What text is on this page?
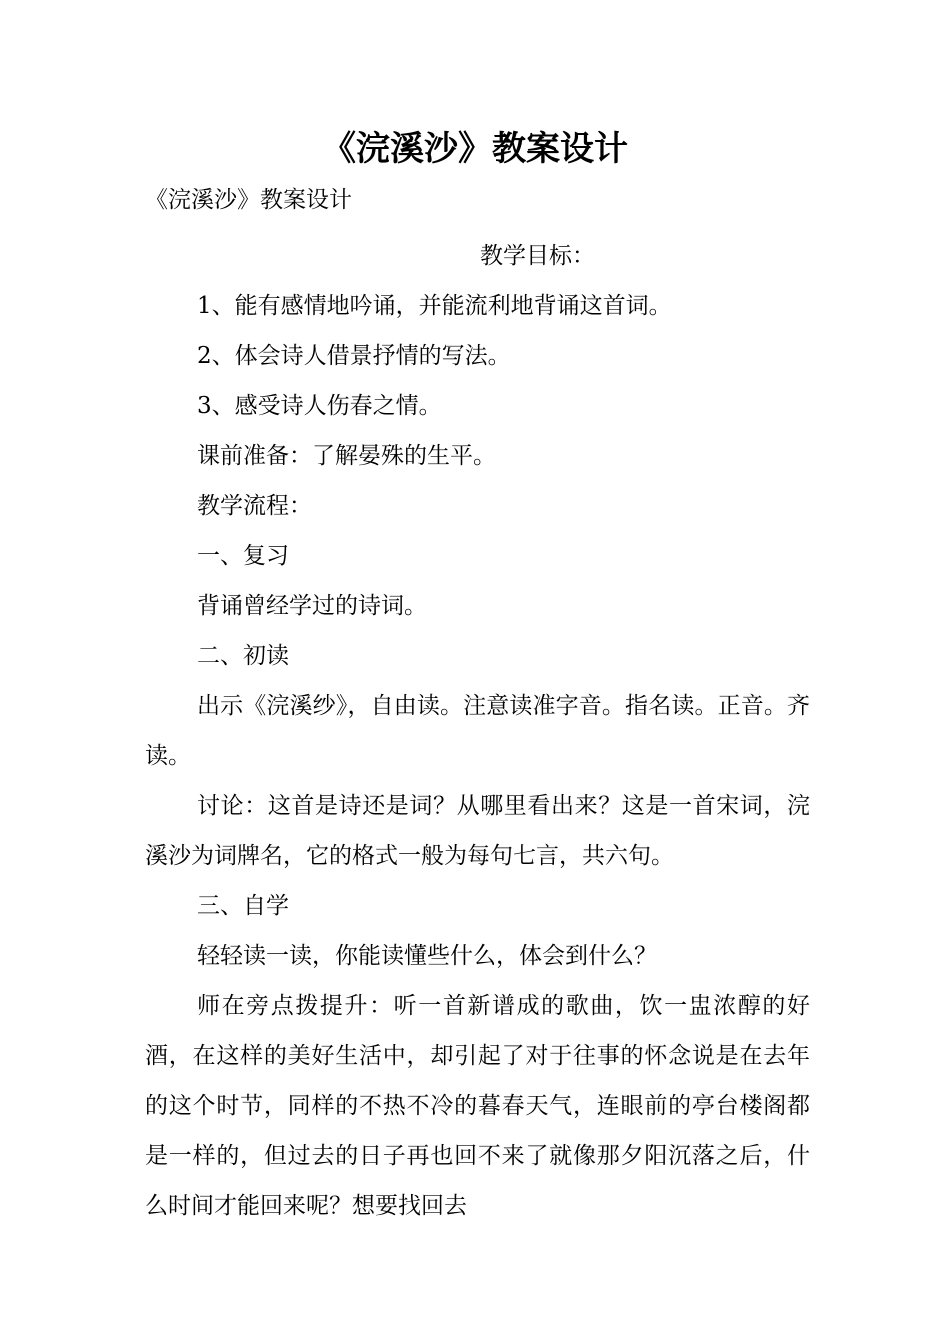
《浣溪沙》教案设计
《浣溪沙》教案设计

教学目标：

1、能有感情地吟诵，并能流利地背诵这首词。

2、体会诗人借景抒情的写法。

3、感受诗人伤春之情。

课前准备：了解晏殊的生平。

教学流程：

一、复习

背诵曾经学过的诗词。

二、初读

出示《浣溪纱》，自由读。注意读准字音。指名读。正音。齐读。

讨论：这首是诗还是词？从哪里看出来？这是一首宋词，浣溪沙为词牌名，它的格式一般为每句七言，共六句。

三、自学

轻轻读一读，你能读懂些什么，体会到什么？

师在旁点拨提升：听一首新谱成的歌曲，饮一盅浓醇的好酒，在这样的美好生活中，却引起了对于往事的怀念说是在去年的这个时节，同样的不热不冷的暮春天气，连眼前的亭台楼阁都是一样的，但过去的日子再也回不来了就像那夕阳沉落之后，什么时间才能回来呢？想要找回去
